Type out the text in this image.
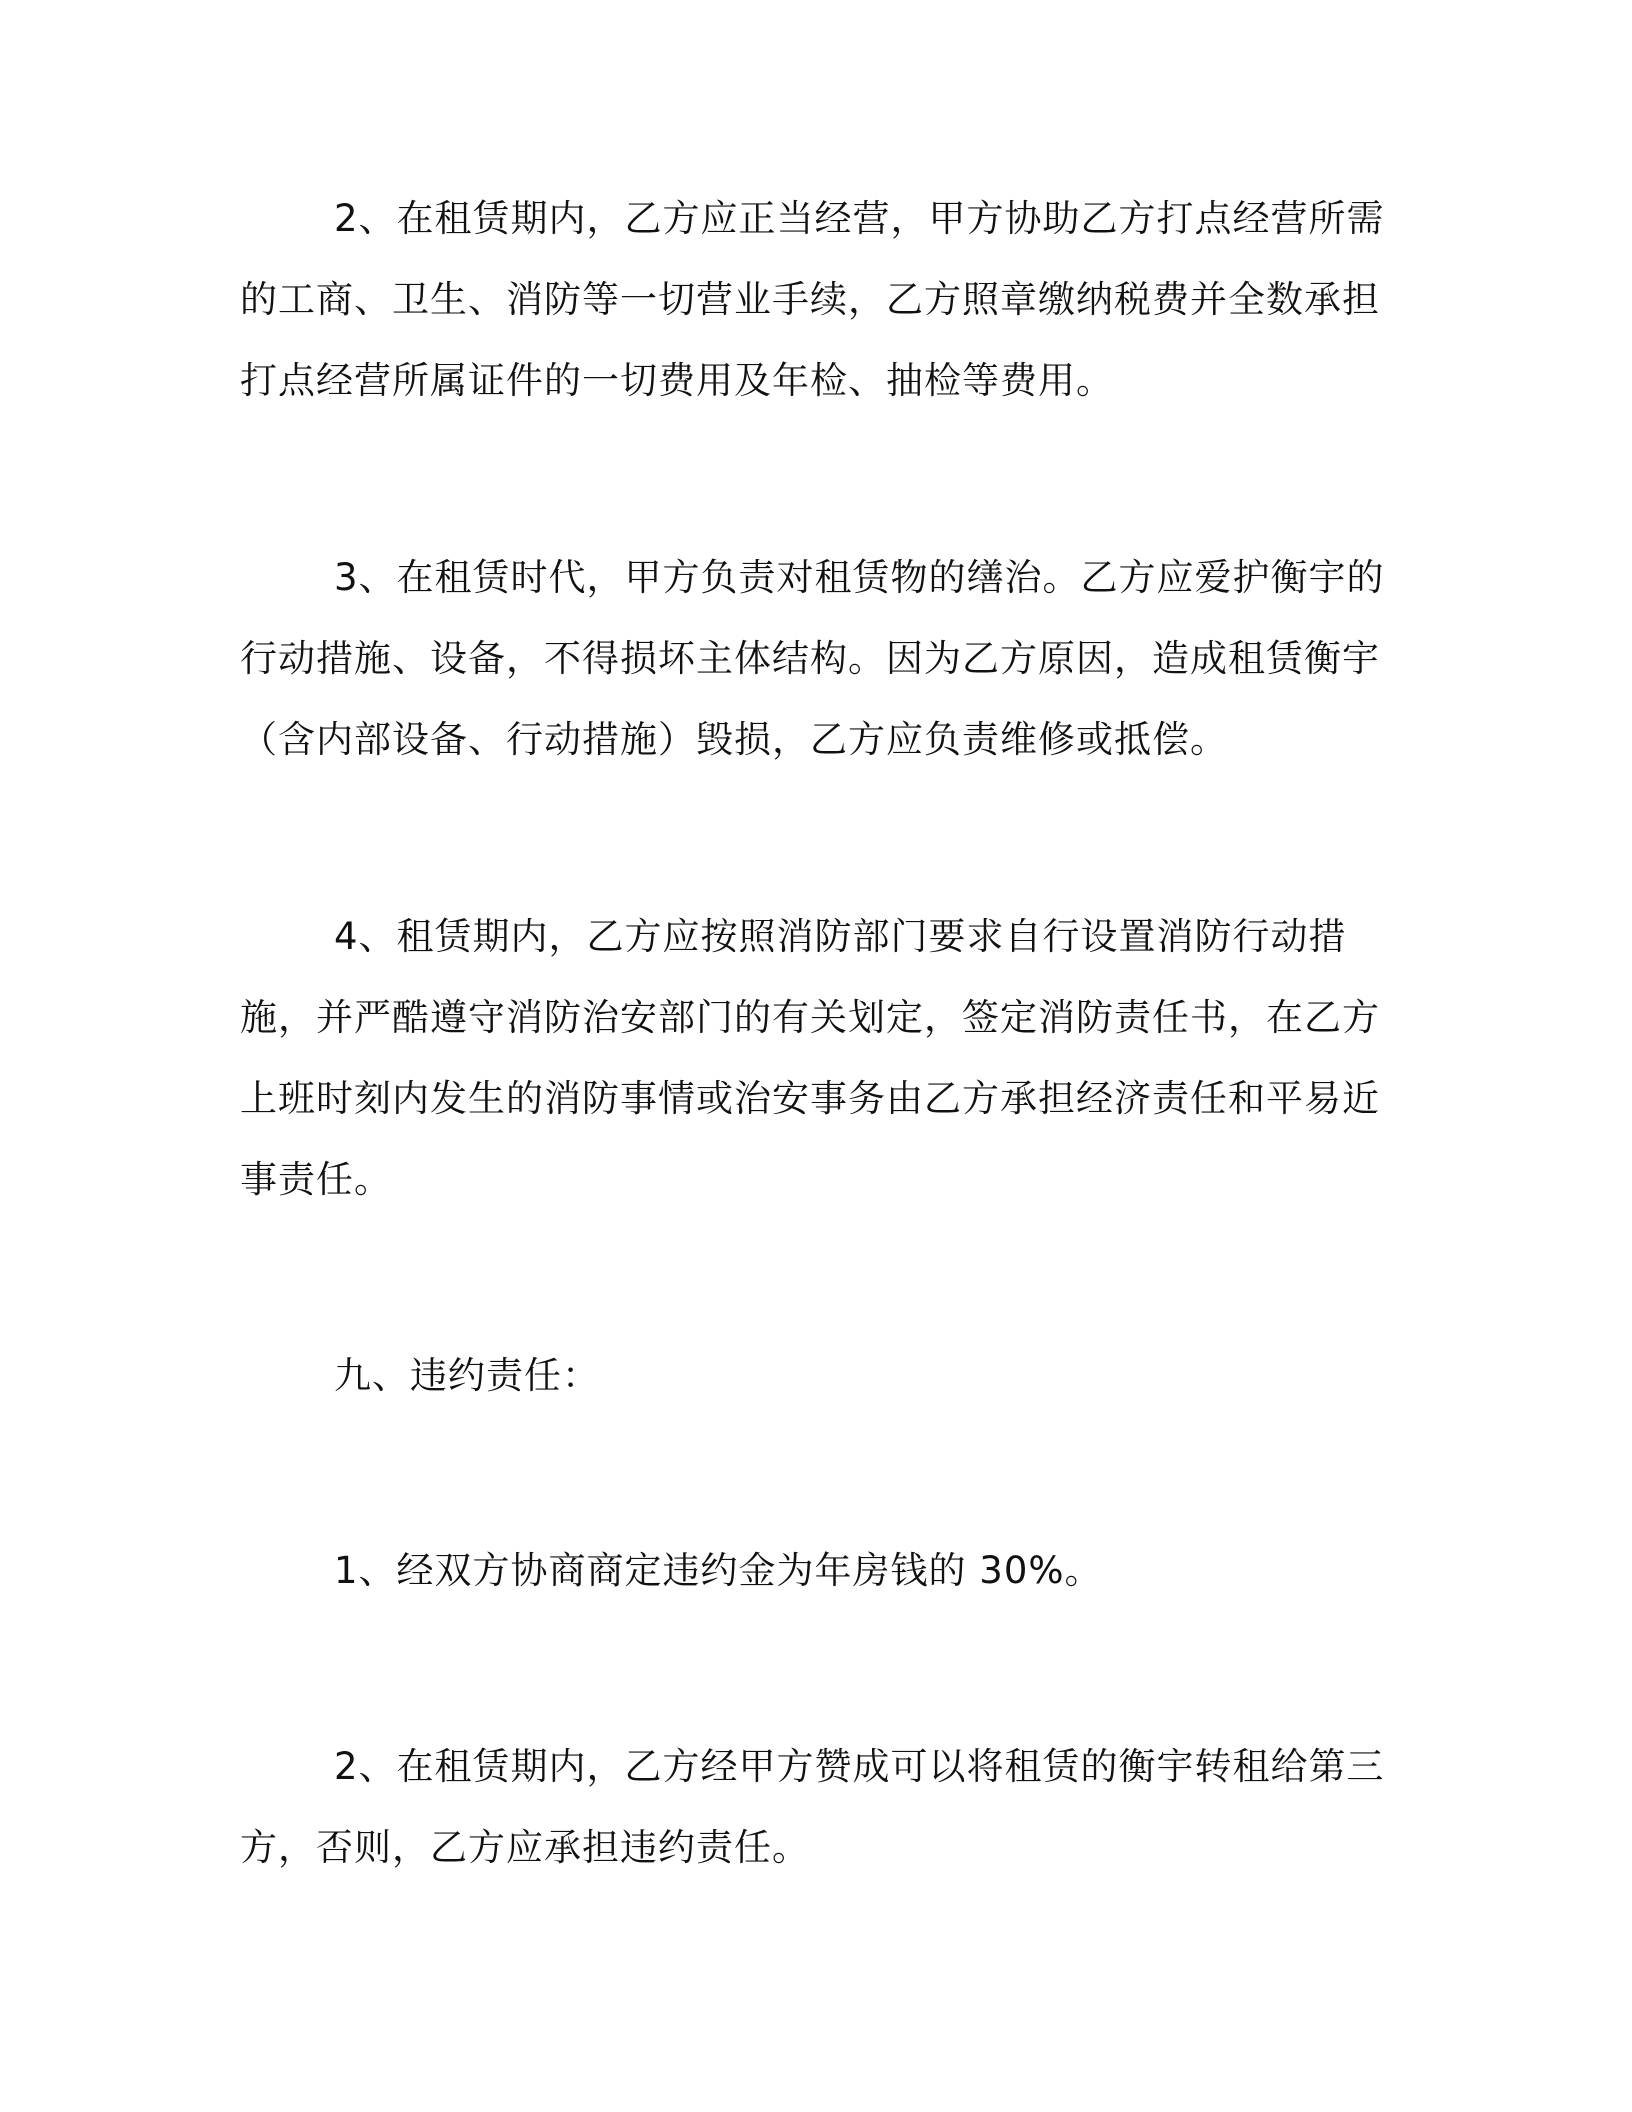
2、在租赁期内，乙方应正当经营，甲方协助乙方打点经营所需的工商、卫生、消防等一切营业手续，乙方照章缴纳税费并全数承担打点经营所属证件的一切费用及年检、抽检等费用。

3、在租赁时代，甲方负责对租赁物的缮治。乙方应爱护衡宇的行动措施、设备，不得损坏主体结构。因为乙方原因，造成租赁衡宇（含内部设备、行动措施）毁损，乙方应负责维修或抵偿。

4、租赁期内，乙方应按照消防部门要求自行设置消防行动措施，并严酷遵守消防治安部门的有关划定，签定消防责任书，在乙方上班时刻内发生的消防事情或治安事务由乙方承担经济责任和平易近事责任。

九、违约责任：

1、经双方协商商定违约金为年房钱的 30%。

2、在租赁期内，乙方经甲方赞成可以将租赁的衡宇转租给第三方，否则，乙方应承担违约责任。
